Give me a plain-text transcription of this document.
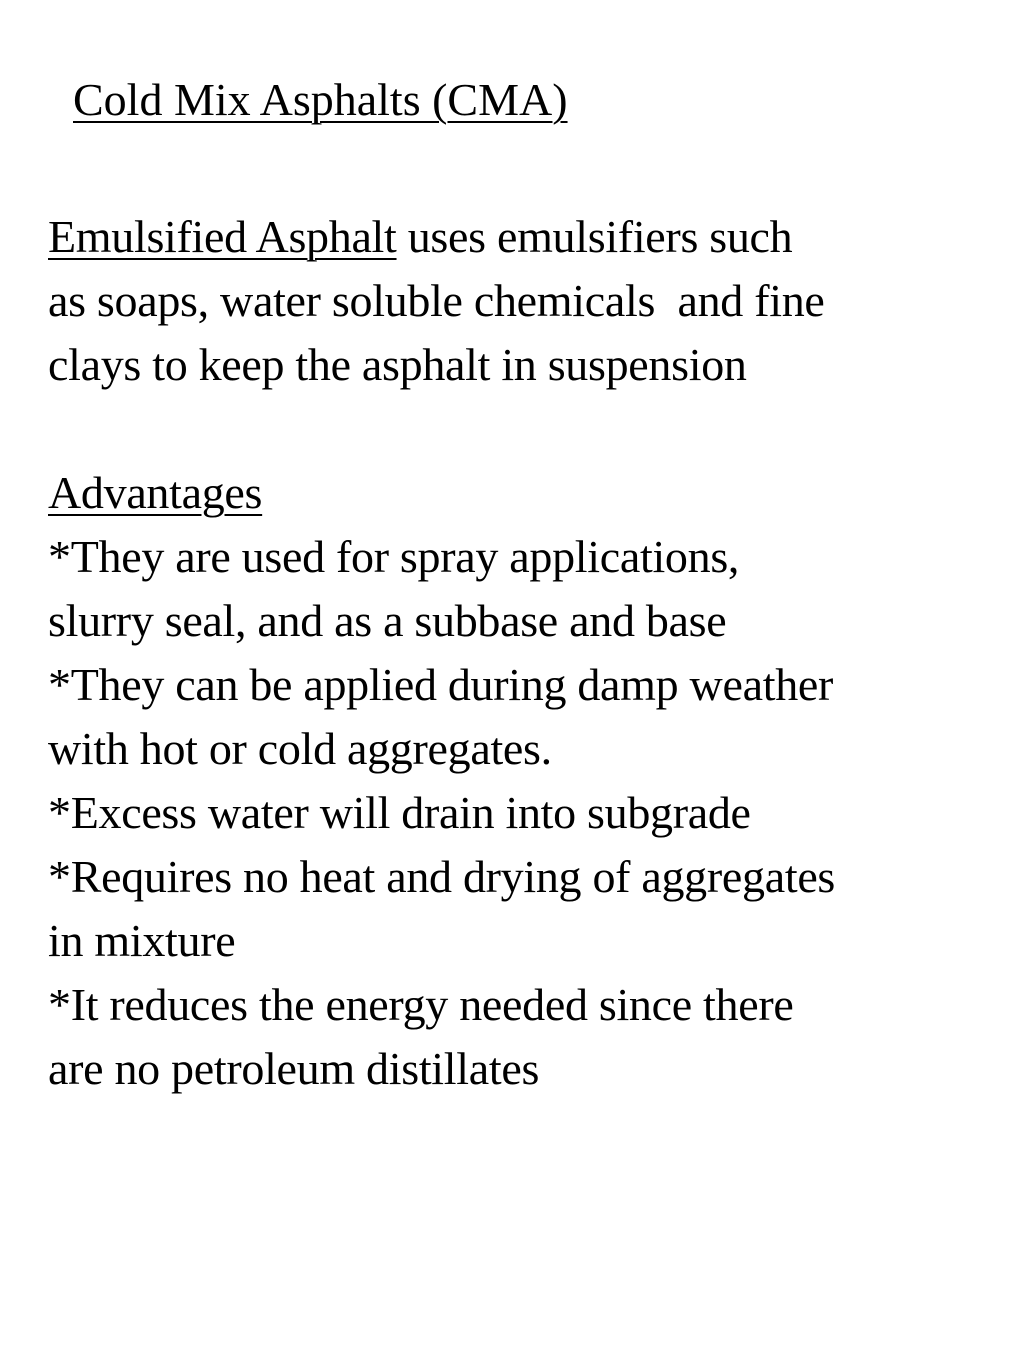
Cold Mix Asphalts (CMA)
Emulsified Asphalt uses emulsifiers such
as soaps, water soluble chemicals  and fine
clays to keep the asphalt in suspension
Advantages
*They are used for spray applications,
slurry seal, and as a subbase and base
*They can be applied during damp weather
with hot or cold aggregates.
*Excess water will drain into subgrade
*Requires no heat and drying of aggregates
in mixture
*It reduces the energy needed since there
are no petroleum distillates
